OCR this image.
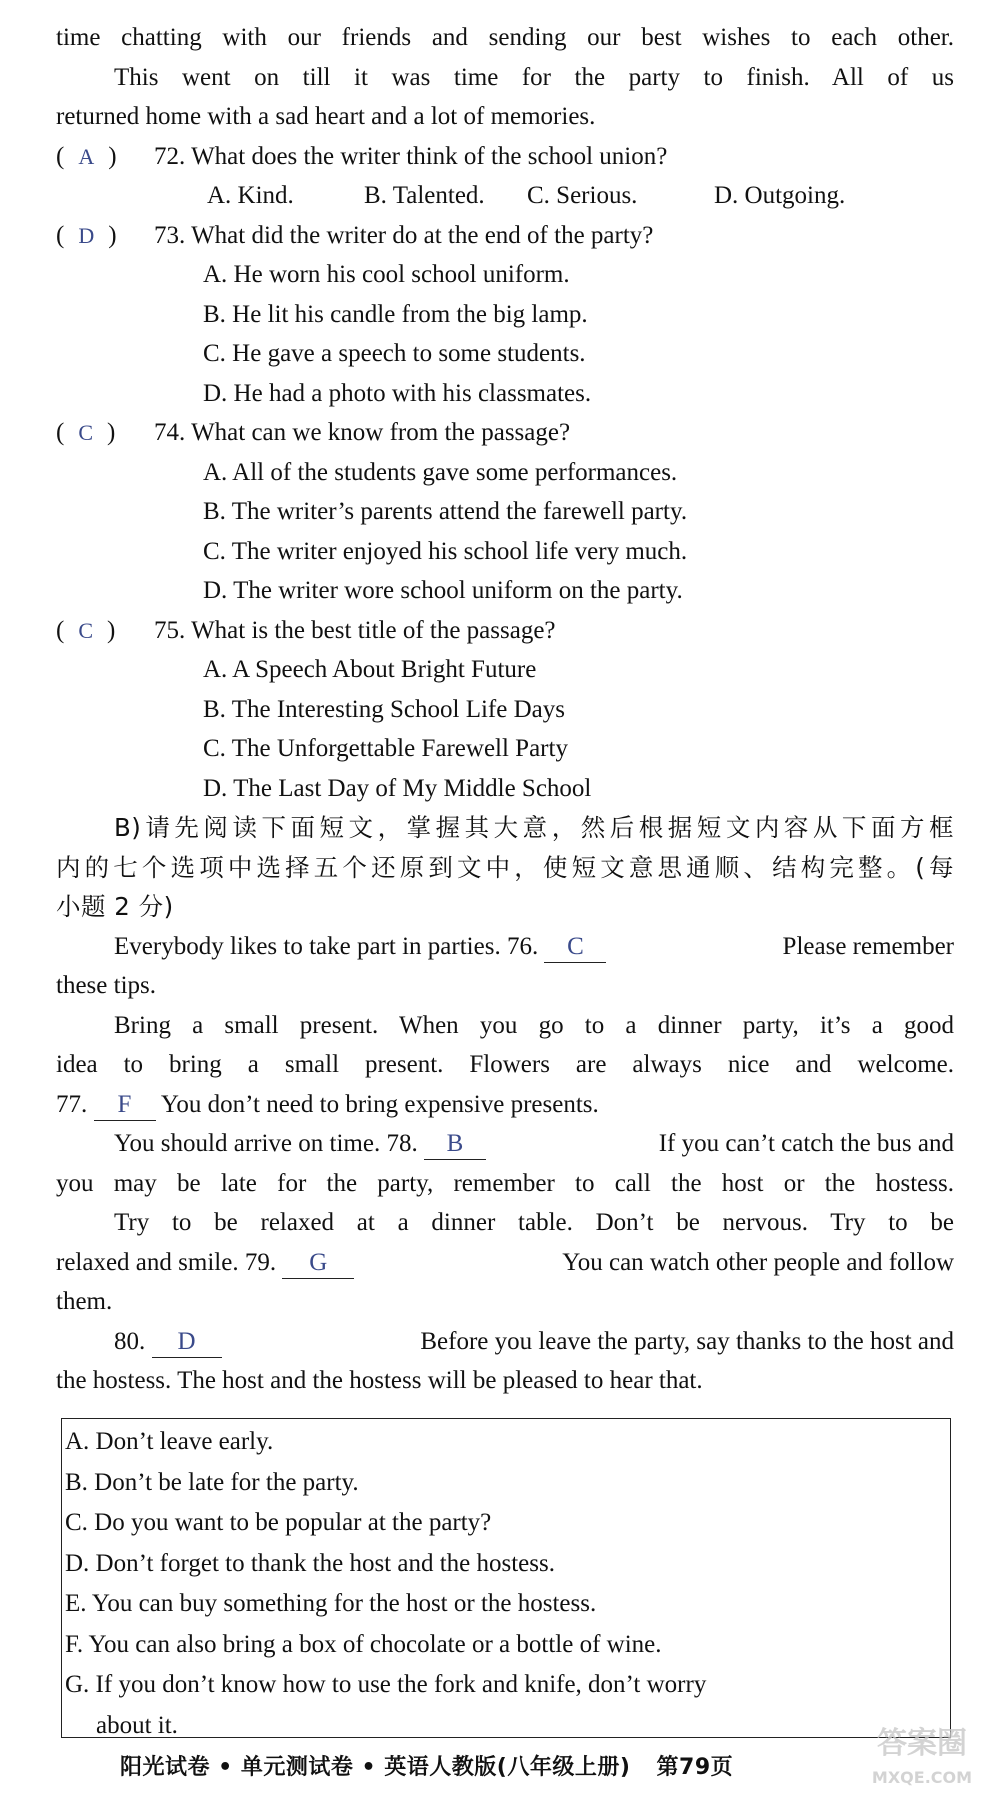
time chatting with our friends and sending our best wishes to each other.
This went on till it was time for the party to finish. All of us
returned home with a sad heart and a lot of memories.
( A ) 72. What does the writer think of the school union?
A. Kind.	B. Talented. C. Serious.	D. Outgoing.
( D ) 73. What did the writer do at the end of the party?
A. He worn his cool school uniform.
B. He lit his candle from the big lamp.
C. He gave a speech to some students.
D. He had a photo with his classmates.
( C ) 74. What can we know from the passage?
A. All of the students gave some performances.
B. The writer’s parents attend the farewell party.
C. The writer enjoyed his school life very much.
D. The writer wore school uniform on the party.
( C ) 75. What is the best title of the passage?
A. A Speech About Bright Future
B. The Interesting School Life Days
C. The Unforgettable Farewell Party
D. The Last Day of My Middle School
B)请先阅读下面短文，掌握其大意，然后根据短文内容从下面方框
内的七个选项中选择五个还原到文中，使短文意思通顺、结构完整。(每
小题 2 分)
Everybody likes to take part in parties. 76. C	Please remember
these tips.
Bring a small present. When you go to a dinner party, it’s a good
idea to bring a small present. Flowers are always nice and welcome.
77. F You don’t need to bring expensive presents.
You should arrive on time. 78. B	If you can’t catch the bus and
you may be late for the party, remember to call the host or the hostess.
Try to be relaxed at a dinner table. Don’t be nervous. Try to be
relaxed and smile. 79. G	You can watch other people and follow
them.
80. D	Before you leave the party, say thanks to the host and
the hostess. The host and the hostess will be pleased to hear that.
A. Don’t leave early.
B. Don’t be late for the party.
C. Do you want to be popular at the party?
D. Don’t forget to thank the host and the hostess.
E. You can buy something for the host or the hostess.
F. You can also bring a box of chocolate or a bottle of wine.
G. If you don’t know how to use the fork and knife, don’t worry
about it.
阳光试卷 • 单元测试卷 • 英语人教版(八年级上册) 第79页
答案圈
MXQE.COM
